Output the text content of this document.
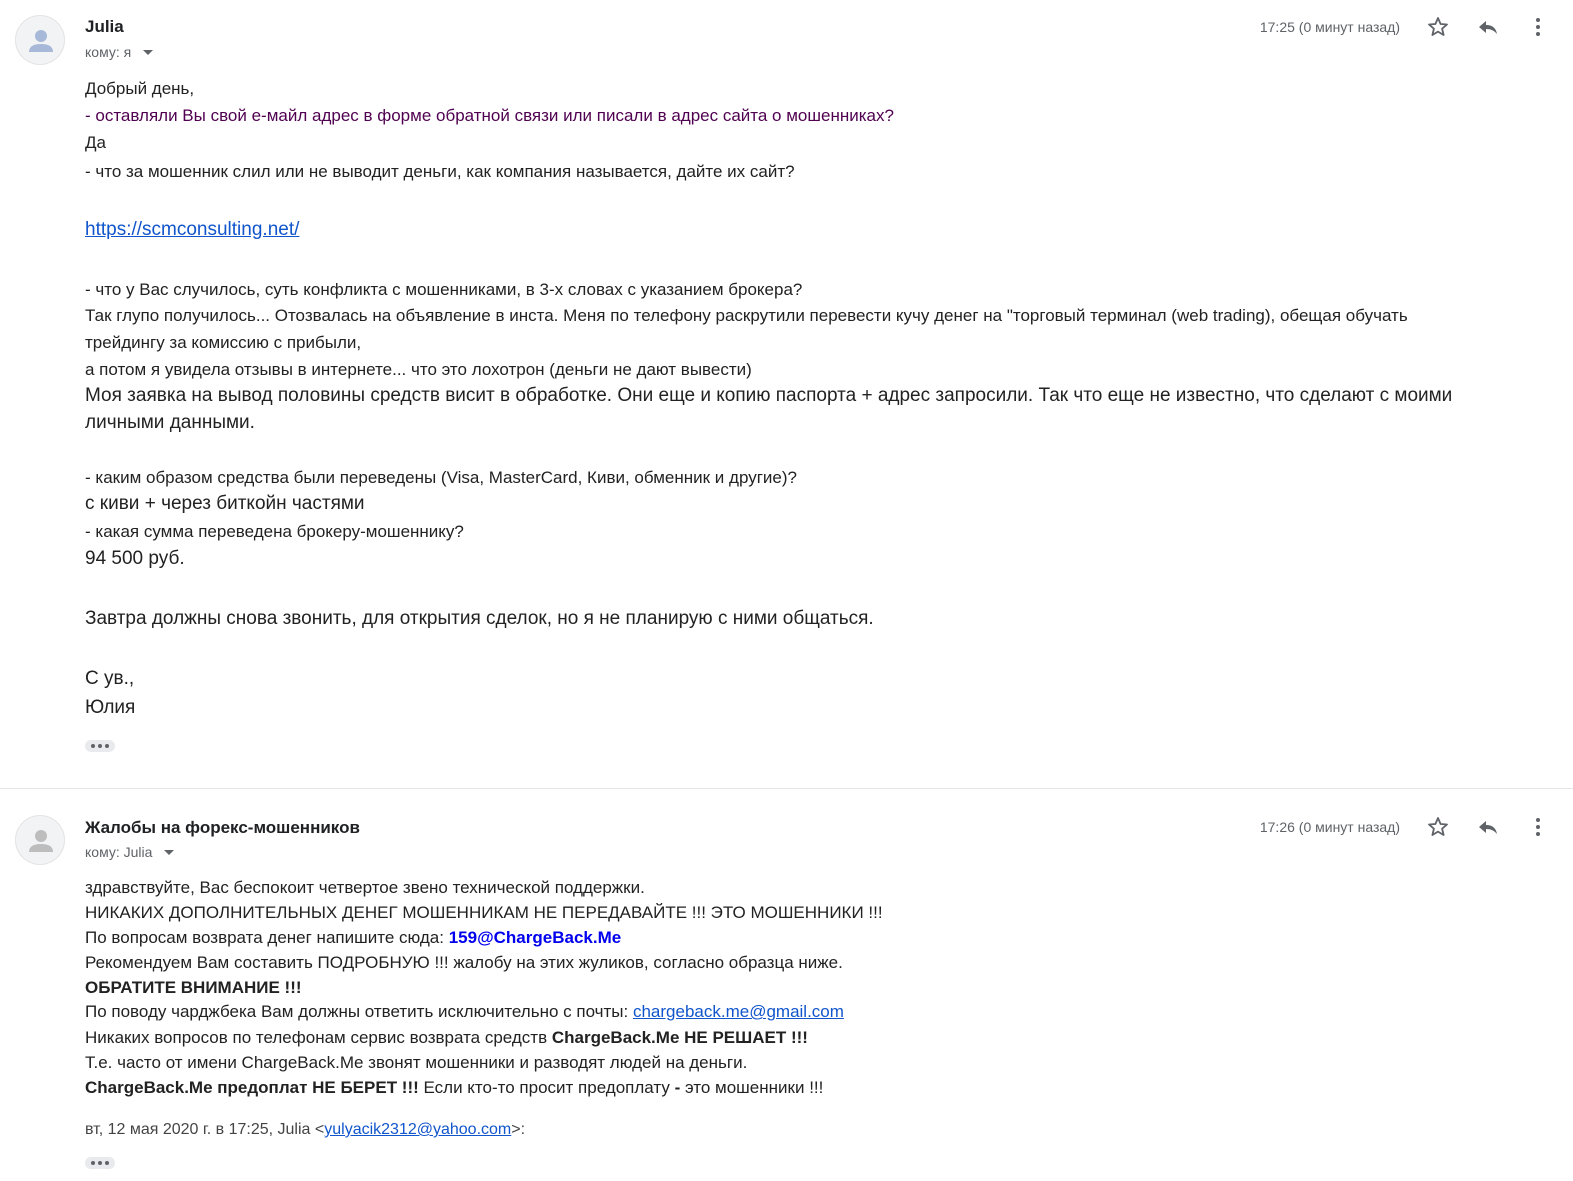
Julia
кому: я
17:25 (0 минут назад)
Добрый день,
- оставляли Вы свой е-майл адрес в форме обратной связи или писали в адрес сайта о мошенниках?
Да
- что за мошенник слил или не выводит деньги, как компания называется, дайте их сайт?
https://scmconsulting.net/
- что у Вас случилось, суть конфликта с мошенниками, в 3-х словах с указанием брокера?
Так глупо получилось... Отозвалась на объявление в инста. Меня по телефону раскрутили перевести кучу денег на "торговый терминал (web trading), обещая обучать
трейдингу за комиссию с прибыли,
а потом я увидела отзывы в интернете... что это лохотрон (деньги не дают вывести)
Моя заявка на вывод половины средств висит в обработке. Они еще и копию паспорта + адрес запросили. Так что еще не известно, что сделают с моими
личными данными.
- каким образом средства были переведены (Visa, MasterCard, Киви, обменник и другие)?
с киви + через биткойн частями
- какая сумма переведена брокеру-мошеннику?
94 500 руб.
Завтра должны снова звонить, для открытия сделок, но я не планирую с ними общаться.
С ув.,
Юлия
Жалобы на форекс-мошенников
кому: Julia
17:26 (0 минут назад)
здравствуйте, Вас беспокоит четвертое звено технической поддержки.
НИКАКИХ ДОПОЛНИТЕЛЬНЫХ ДЕНЕГ МОШЕННИКАМ НЕ ПЕРЕДАВАЙТЕ !!! ЭТО МОШЕННИКИ !!!
По вопросам возврата денег напишите сюда: 159@ChargeBack.Me
Рекомендуем Вам составить ПОДРОБНУЮ !!! жалобу на этих жуликов, согласно образца ниже.
ОБРАТИТЕ ВНИМАНИЕ !!!
По поводу чарджбека Вам должны ответить исключительно с почты: chargeback.me@gmail.com
Никаких вопросов по телефонам сервис возврата средств ChargeBack.Me НЕ РЕШАЕТ !!!
Т.е. часто от имени ChargeBack.Me звонят мошенники и разводят людей на деньги.
ChargeBack.Me предоплат НЕ БЕРЕТ !!! Если кто-то просит предоплату - это мошенники !!!
вт, 12 мая 2020 г. в 17:25, Julia <yulyacik2312@yahoo.com>:
